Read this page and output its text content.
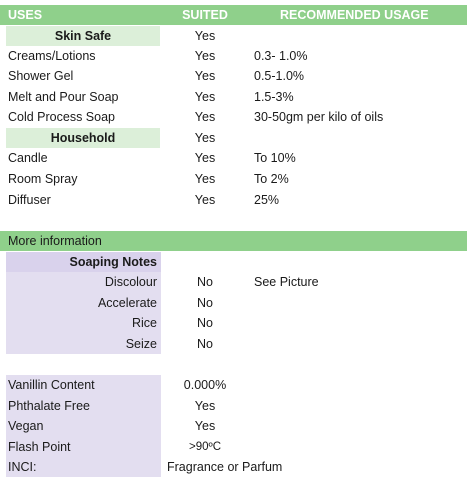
USES	SUITED	RECOMMENDED USAGE
Skin Safe	Yes
Creams/Lotions	Yes	0.3- 1.0%
Shower Gel	Yes	0.5-1.0%
Melt and Pour Soap	Yes	1.5-3%
Cold Process Soap	Yes	30-50gm per kilo of oils
Household	Yes
Candle	Yes	To 10%
Room Spray	Yes	To 2%
Diffuser	Yes	25%
More information
Soaping Notes
Discolour	No	See Picture
Accelerate	No
Rice	No
Seize	No
Vanillin Content	0.000%
Phthalate Free	Yes
Vegan	Yes
Flash Point	>90ºC
INCI:	Fragrance or Parfum
